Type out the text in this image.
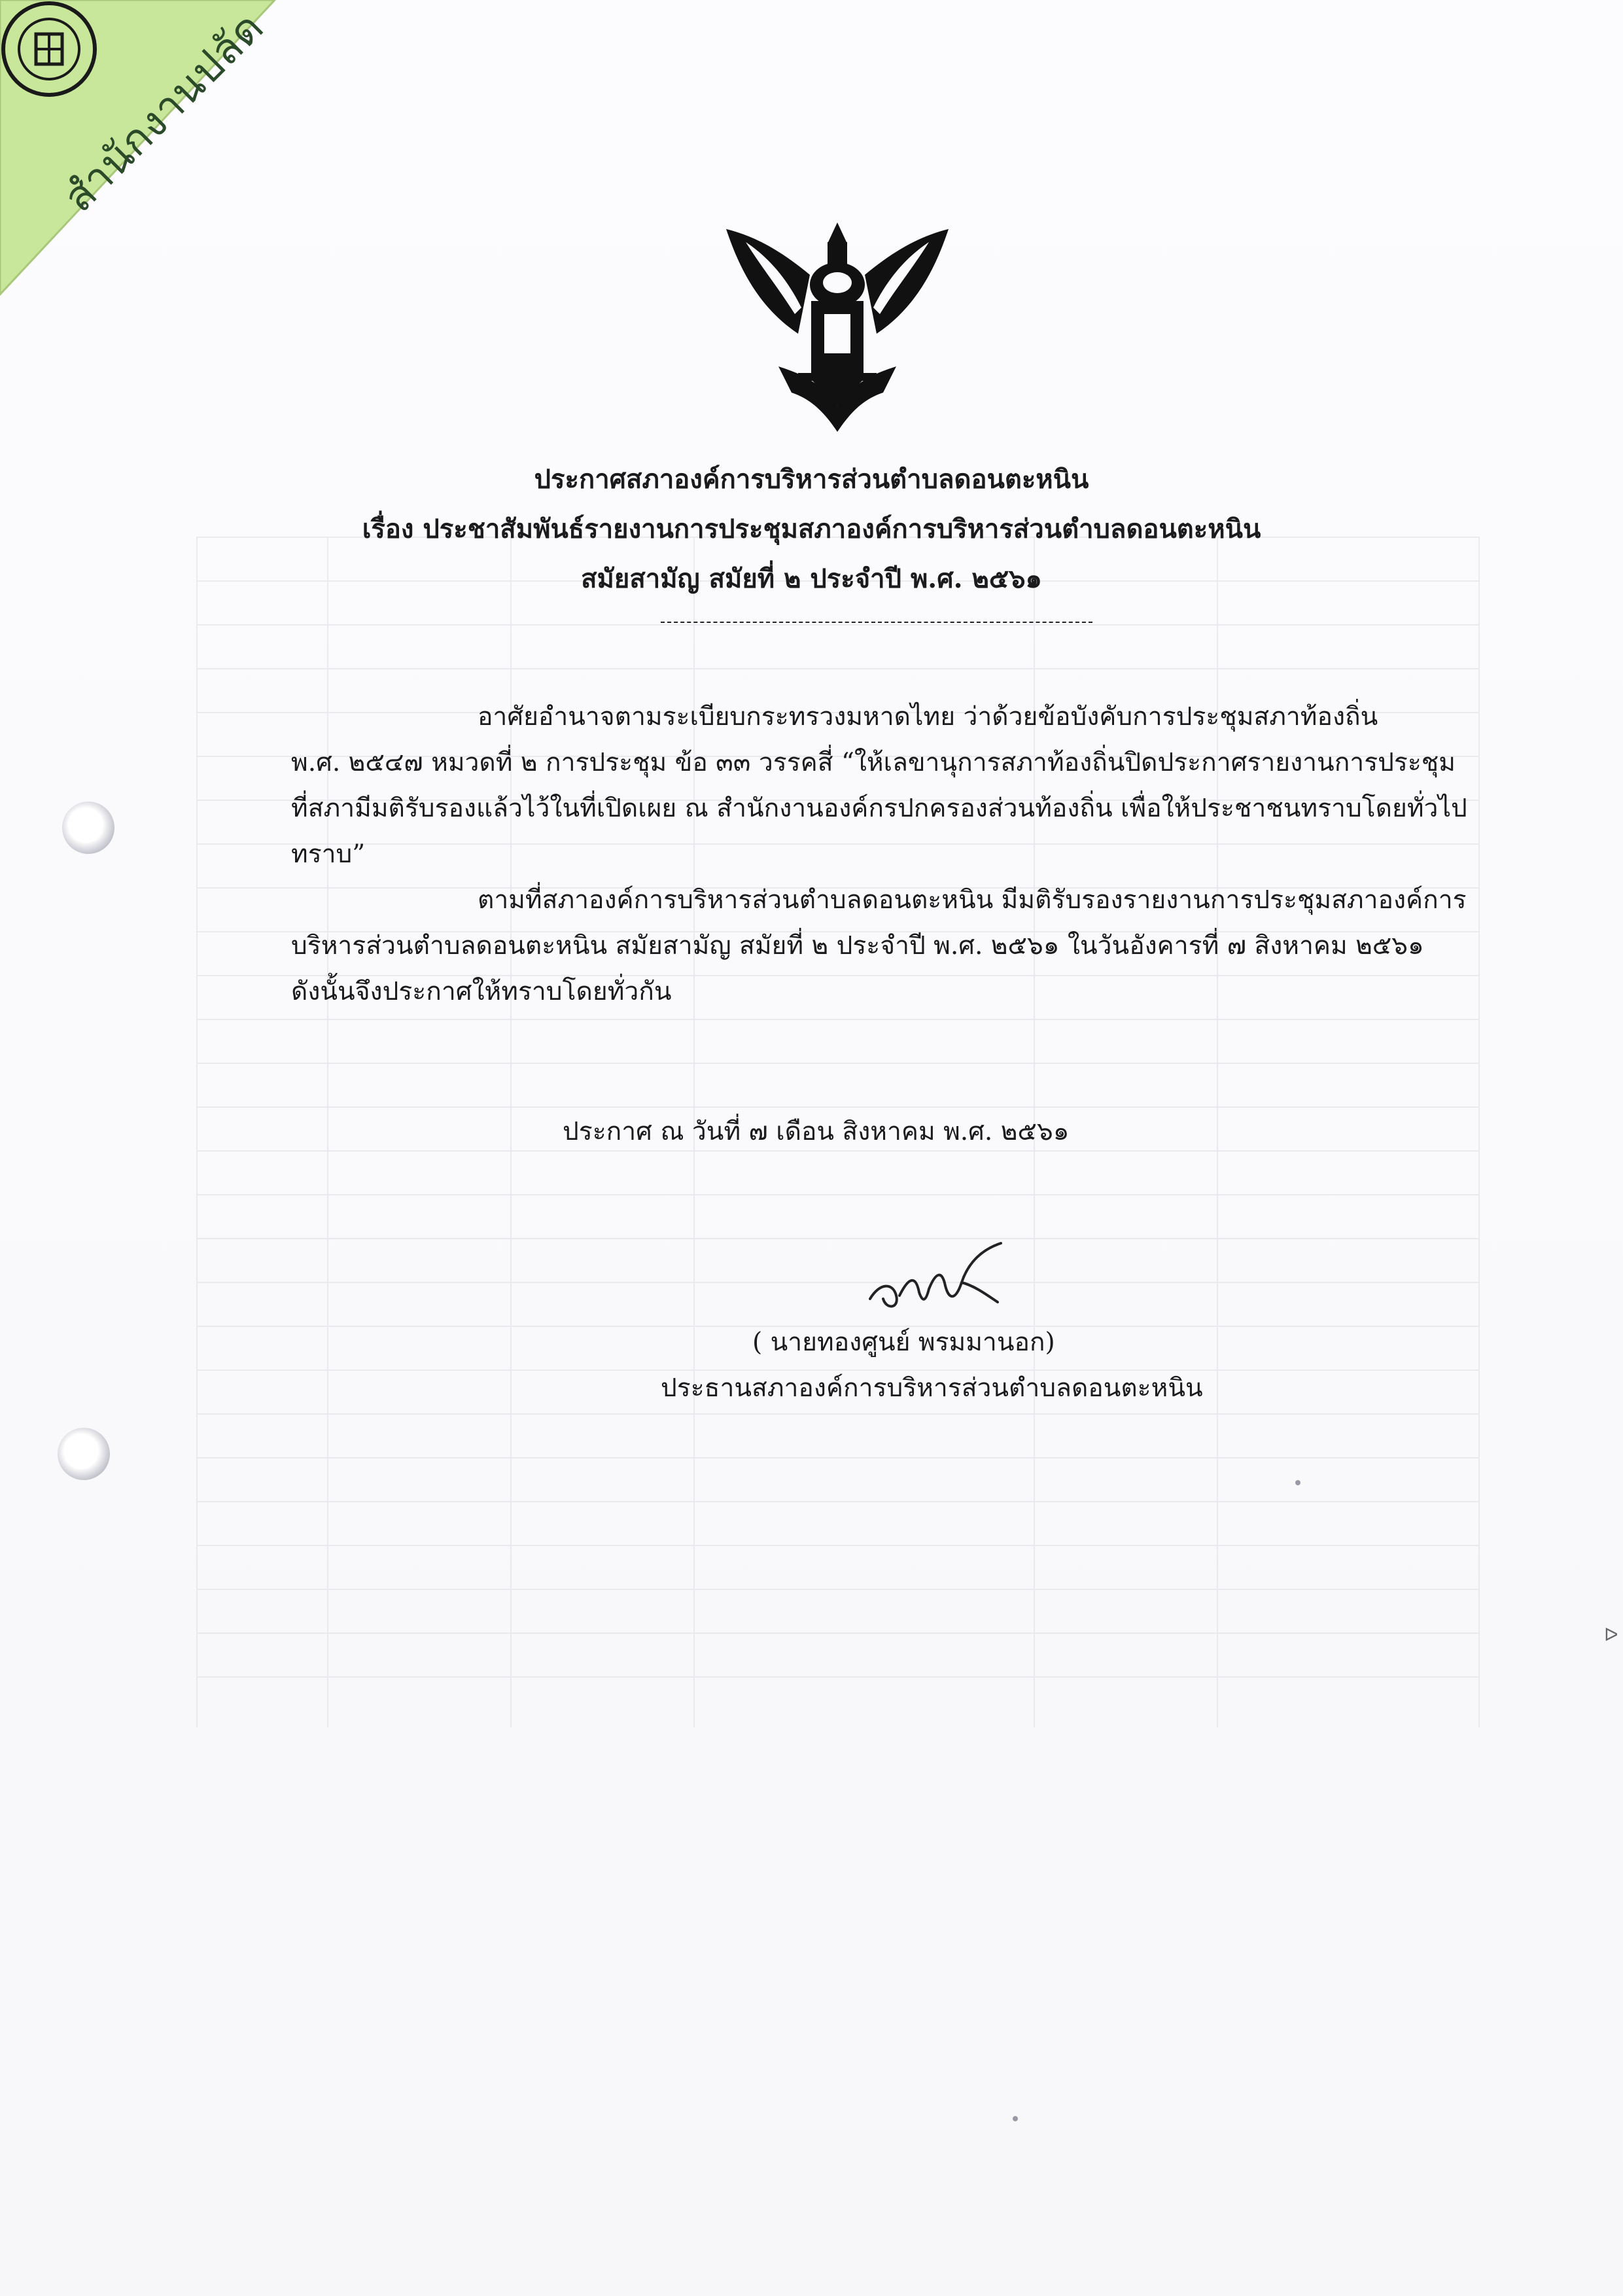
สำนักงานปลัด
ประกาศสภาองค์การบริหารส่วนตำบลดอนตะหนิน
เรื่อง ประชาสัมพันธ์รายงานการประชุมสภาองค์การบริหารส่วนตำบลดอนตะหนิน
สมัยสามัญ สมัยที่ ๒ ประจำปี พ.ศ. ๒๕๖๑
อาศัยอำนาจตามระเบียบกระทรวงมหาดไทย ว่าด้วยข้อบังคับการประชุมสภาท้องถิ่น
พ.ศ. ๒๕๔๗ หมวดที่ ๒ การประชุม ข้อ ๓๓ วรรคสี่ “ให้เลขานุการสภาท้องถิ่นปิดประกาศรายงานการประชุม
ที่สภามีมติรับรองแล้วไว้ในที่เปิดเผย ณ สำนักงานองค์กรปกครองส่วนท้องถิ่น เพื่อให้ประชาชนทราบโดยทั่วไป
ทราบ”
ตามที่สภาองค์การบริหารส่วนตำบลดอนตะหนิน มีมติรับรองรายงานการประชุมสภาองค์การ
บริหารส่วนตำบลดอนตะหนิน สมัยสามัญ สมัยที่ ๒ ประจำปี พ.ศ. ๒๕๖๑ ในวันอังคารที่ ๗ สิงหาคม ๒๕๖๑
ดังนั้นจึงประกาศให้ทราบโดยทั่วกัน
ประกาศ ณ วันที่ ๗ เดือน สิงหาคม พ.ศ. ๒๕๖๑
( นายทองศูนย์ พรมมานอก)
ประธานสภาองค์การบริหารส่วนตำบลดอนตะหนิน
ᐅ
